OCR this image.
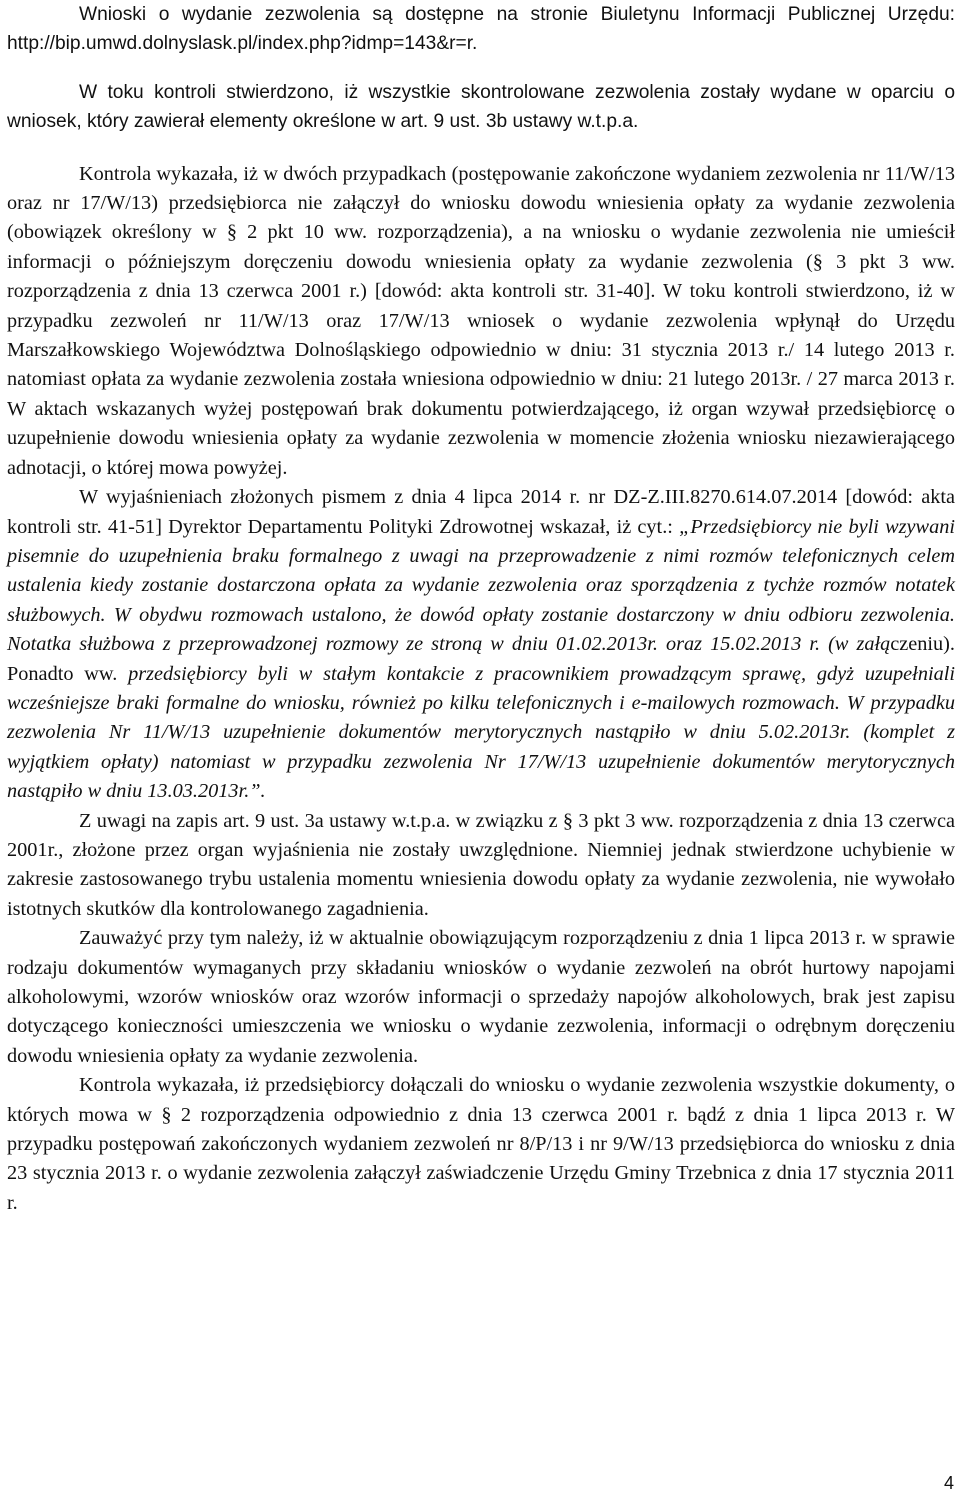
Wnioski o wydanie zezwolenia są dostępne na stronie Biuletynu Informacji Publicznej Urzędu: http://bip.umwd.dolnyslask.pl/index.php?idmp=143&r=r.

W toku kontroli stwierdzono, iż wszystkie skontrolowane zezwolenia zostały wydane w oparciu o wniosek, który zawierał elementy określone w art. 9 ust. 3b ustawy w.t.p.a.

Kontrola wykazała, iż w dwóch przypadkach (postępowanie zakończone wydaniem zezwolenia nr 11/W/13 oraz nr 17/W/13) przedsiębiorca nie załączył do wniosku dowodu wniesienia opłaty za wydanie zezwolenia (obowiązek określony w § 2 pkt 10 ww. rozporządzenia), a na wniosku o wydanie zezwolenia nie umieścił informacji o późniejszym doręczeniu dowodu wniesienia opłaty za wydanie zezwolenia (§ 3 pkt 3 ww. rozporządzenia z dnia 13 czerwca 2001 r.) [dowód: akta kontroli str. 31-40]. W toku kontroli stwierdzono, iż w przypadku zezwoleń nr 11/W/13 oraz 17/W/13 wniosek o wydanie zezwolenia wpłynął do Urzędu Marszałkowskiego Województwa Dolnośląskiego odpowiednio w dniu: 31 stycznia 2013 r./ 14 lutego 2013 r. natomiast opłata za wydanie zezwolenia została wniesiona odpowiednio w dniu: 21 lutego 2013r. / 27 marca 2013 r. W aktach wskazanych wyżej postępowań brak dokumentu potwierdzającego, iż organ wzywał przedsiębiorcę o uzupełnienie dowodu wniesienia opłaty za wydanie zezwolenia w momencie złożenia wniosku niezawierającego adnotacji, o której mowa powyżej.

W wyjaśnieniach złożonych pismem z dnia 4 lipca 2014 r. nr DZ-Z.III.8270.614.07.2014 [dowód: akta kontroli str. 41-51] Dyrektor Departamentu Polityki Zdrowotnej wskazał, iż cyt.: „Przedsiębiorcy nie byli wzywani pisemnie do uzupełnienia braku formalnego z uwagi na przeprowadzenie z nimi rozmów telefonicznych celem ustalenia kiedy zostanie dostarczona opłata za wydanie zezwolenia oraz sporządzenia z tychże rozmów notatek służbowych. W obydwu rozmowach ustalono, że dowód opłaty zostanie dostarczony w dniu odbioru zezwolenia. Notatka służbowa z przeprowadzonej rozmowy ze stroną w dniu 01.02.2013r. oraz 15.02.2013 r. (w załączeniu). Ponadto ww. przedsiębiorcy byli w stałym kontakcie z pracownikiem prowadzącym sprawę, gdyż uzupełniali wcześniejsze braki formalne do wniosku, również po kilku telefonicznych i e-mailowych rozmowach. W przypadku zezwolenia Nr 11/W/13 uzupełnienie dokumentów merytorycznych nastąpiło w dniu 5.02.2013r. (komplet z wyjątkiem opłaty) natomiast w przypadku zezwolenia Nr 17/W/13 uzupełnienie dokumentów merytorycznych nastąpiło w dniu 13.03.2013r.”.

Z uwagi na zapis art. 9 ust. 3a ustawy w.t.p.a. w związku z § 3 pkt 3 ww. rozporządzenia z dnia 13 czerwca 2001r., złożone przez organ wyjaśnienia nie zostały uwzględnione. Niemniej jednak stwierdzone uchybienie w zakresie zastosowanego trybu ustalenia momentu wniesienia dowodu opłaty za wydanie zezwolenia, nie wywołało istotnych skutków dla kontrolowanego zagadnienia.

Zauważyć przy tym należy, iż w aktualnie obowiązującym rozporządzeniu z dnia 1 lipca 2013 r. w sprawie rodzaju dokumentów wymaganych przy składaniu wniosków o wydanie zezwoleń na obrót hurtowy napojami alkoholowymi, wzorów wniosków oraz wzorów informacji o sprzedaży napojów alkoholowych, brak jest zapisu dotyczącego konieczności umieszczenia we wniosku o wydanie zezwolenia, informacji o odrębnym doręczeniu dowodu wniesienia opłaty za wydanie zezwolenia.

Kontrola wykazała, iż przedsiębiorcy dołączali do wniosku o wydanie zezwolenia wszystkie dokumenty, o których mowa w § 2 rozporządzenia odpowiednio z dnia 13 czerwca 2001 r. bądź z dnia 1 lipca 2013 r. W przypadku postępowań zakończonych wydaniem zezwoleń nr 8/P/13 i nr 9/W/13 przedsiębiorca do wniosku z dnia 23 stycznia 2013 r. o wydanie zezwolenia załączył zaświadczenie Urzędu Gminy Trzebnica z dnia 17 stycznia 2011 r.

4
